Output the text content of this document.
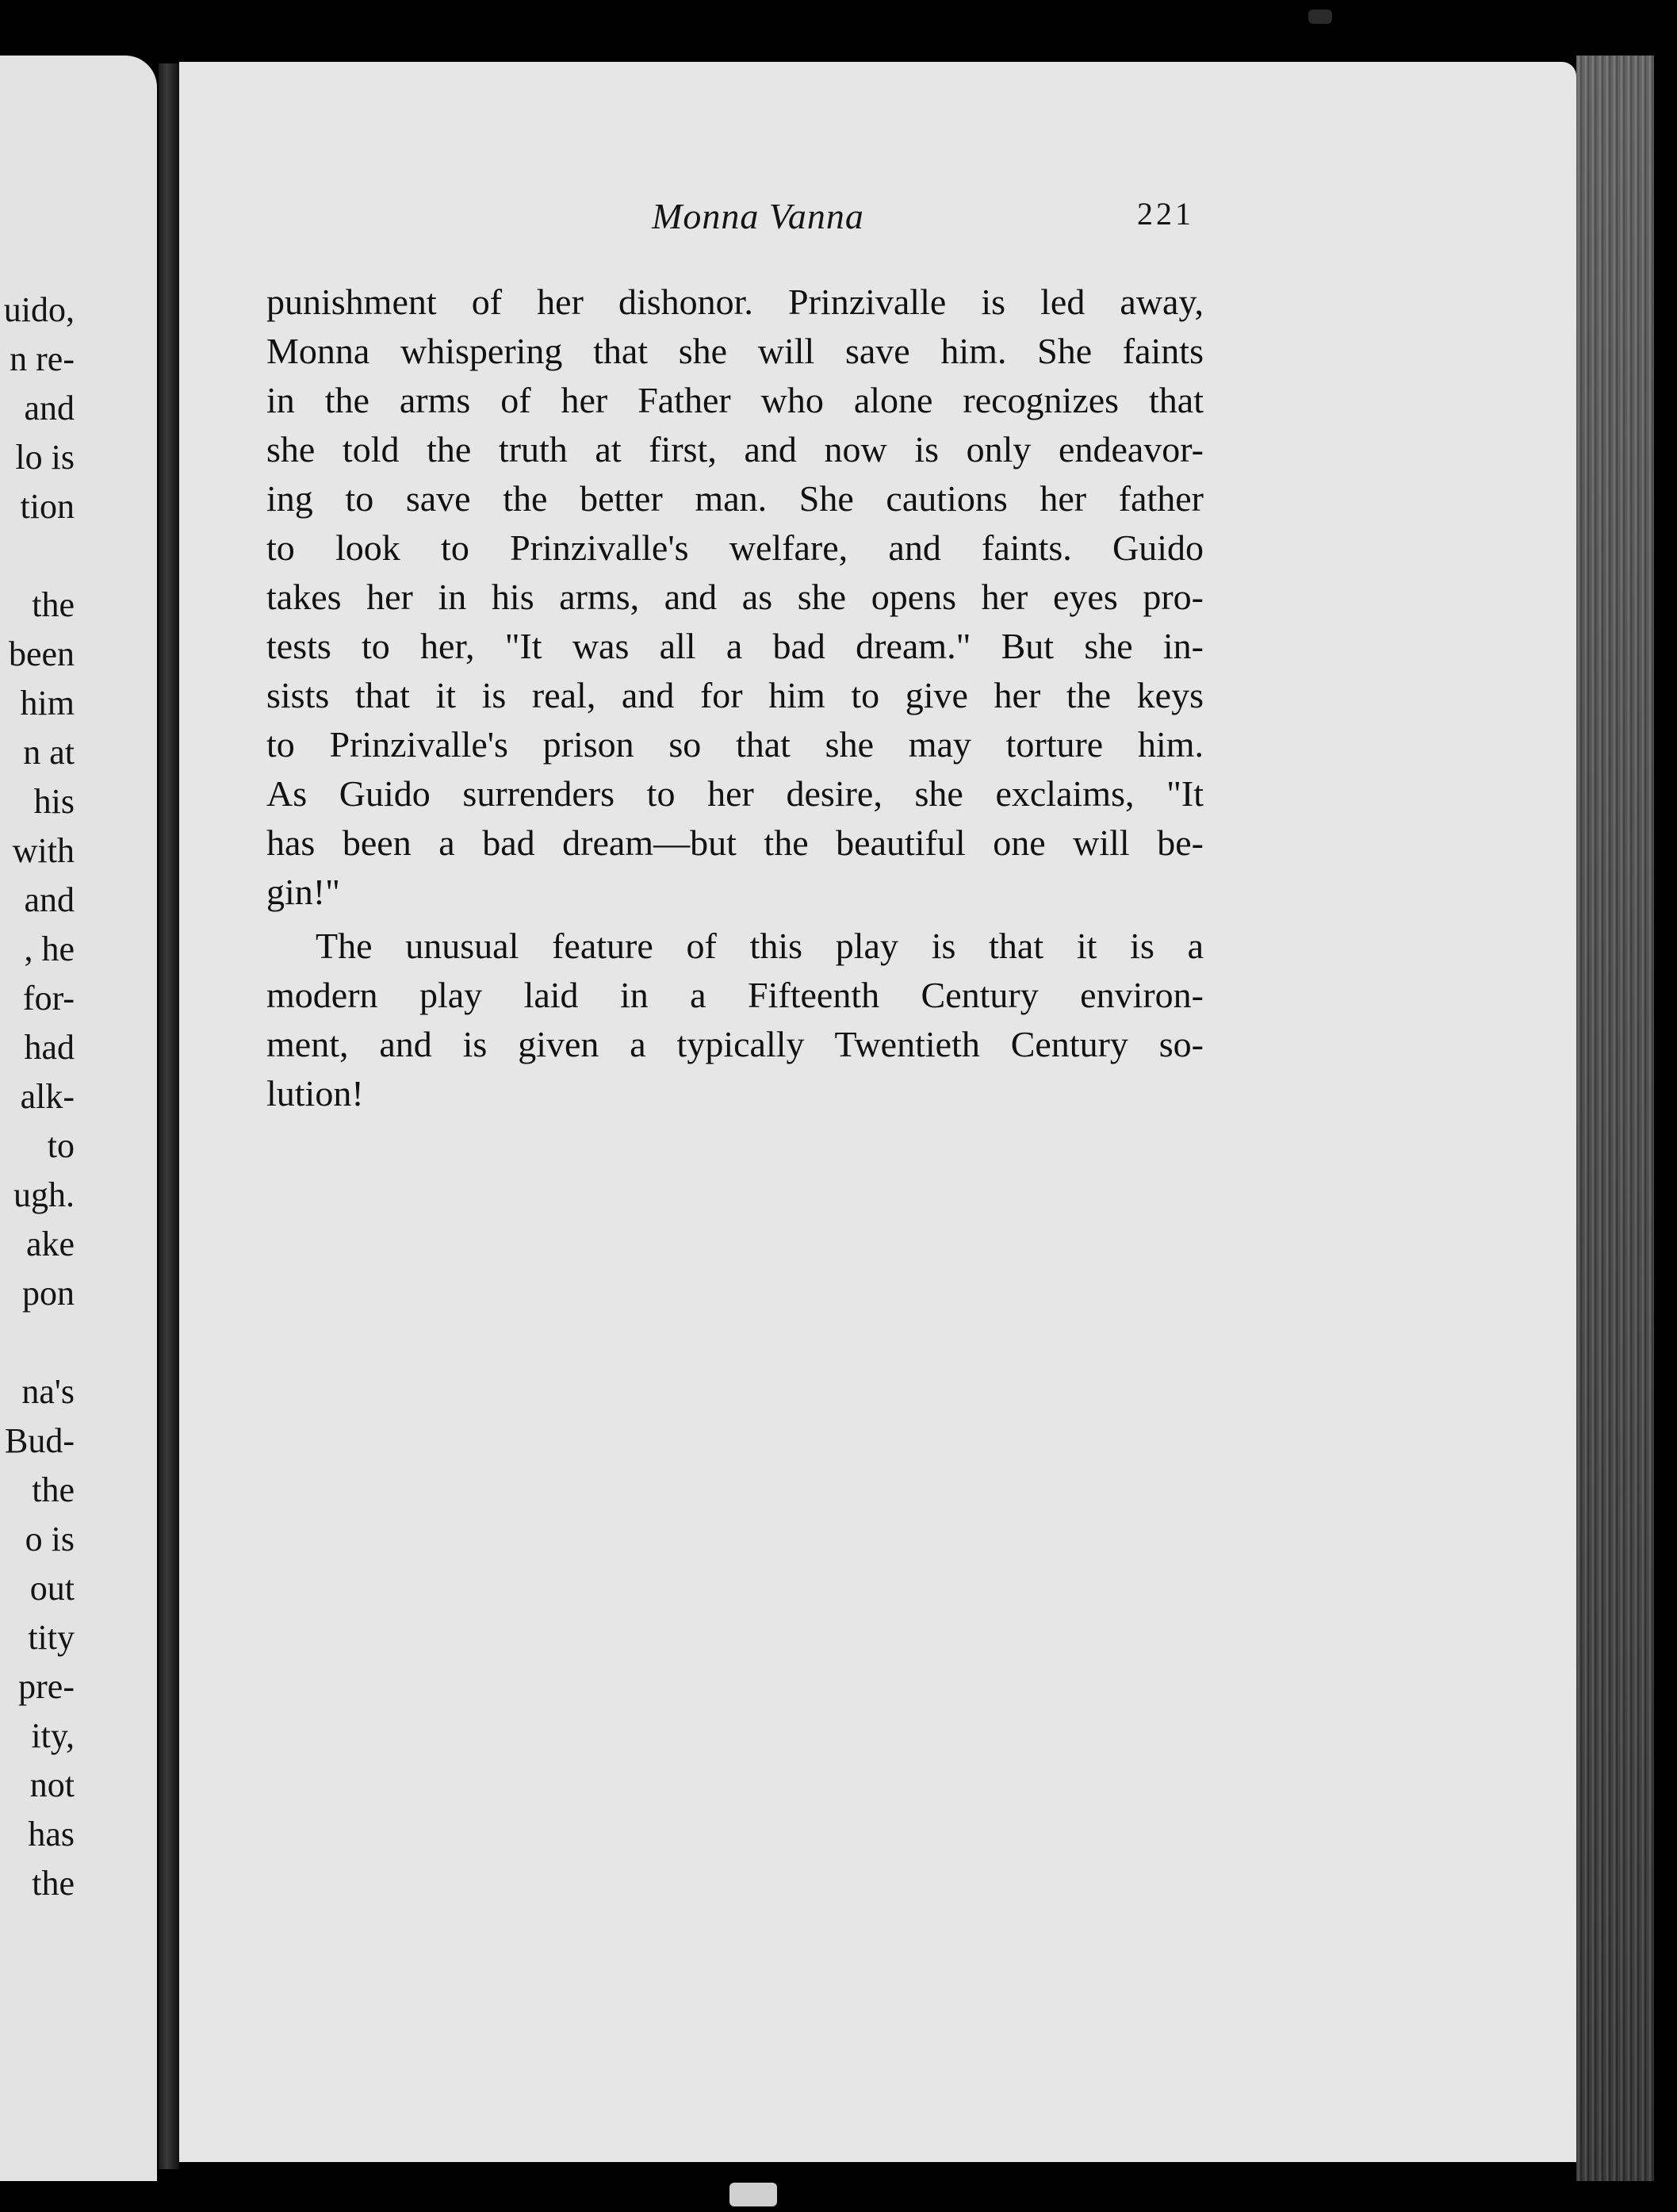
uido,
n re-
and
lo is
tion
the
been
him
n at
his
with
and
, he
for-
had
alk-
to
ugh.
ake
pon
na's
Bud-
the
o is
out
tity
pre-
ity,
not
has
the
Monna Vanna	221
punishment of her dishonor. Prinzivalle is led away,
Monna whispering that she will save him. She faints
in the arms of her Father who alone recognizes that
she told the truth at first, and now is only endeavor-
ing to save the better man. She cautions her father
to look to Prinzivalle's welfare, and faints. Guido
takes her in his arms, and as she opens her eyes pro-
tests to her, "It was all a bad dream." But she in-
sists that it is real, and for him to give her the keys
to Prinzivalle's prison so that she may torture him.
As Guido surrenders to her desire, she exclaims, "It
has been a bad dream—but the beautiful one will be-
gin!"
The unusual feature of this play is that it is a
modern play laid in a Fifteenth Century environ-
ment, and is given a typically Twentieth Century so-
lution!
